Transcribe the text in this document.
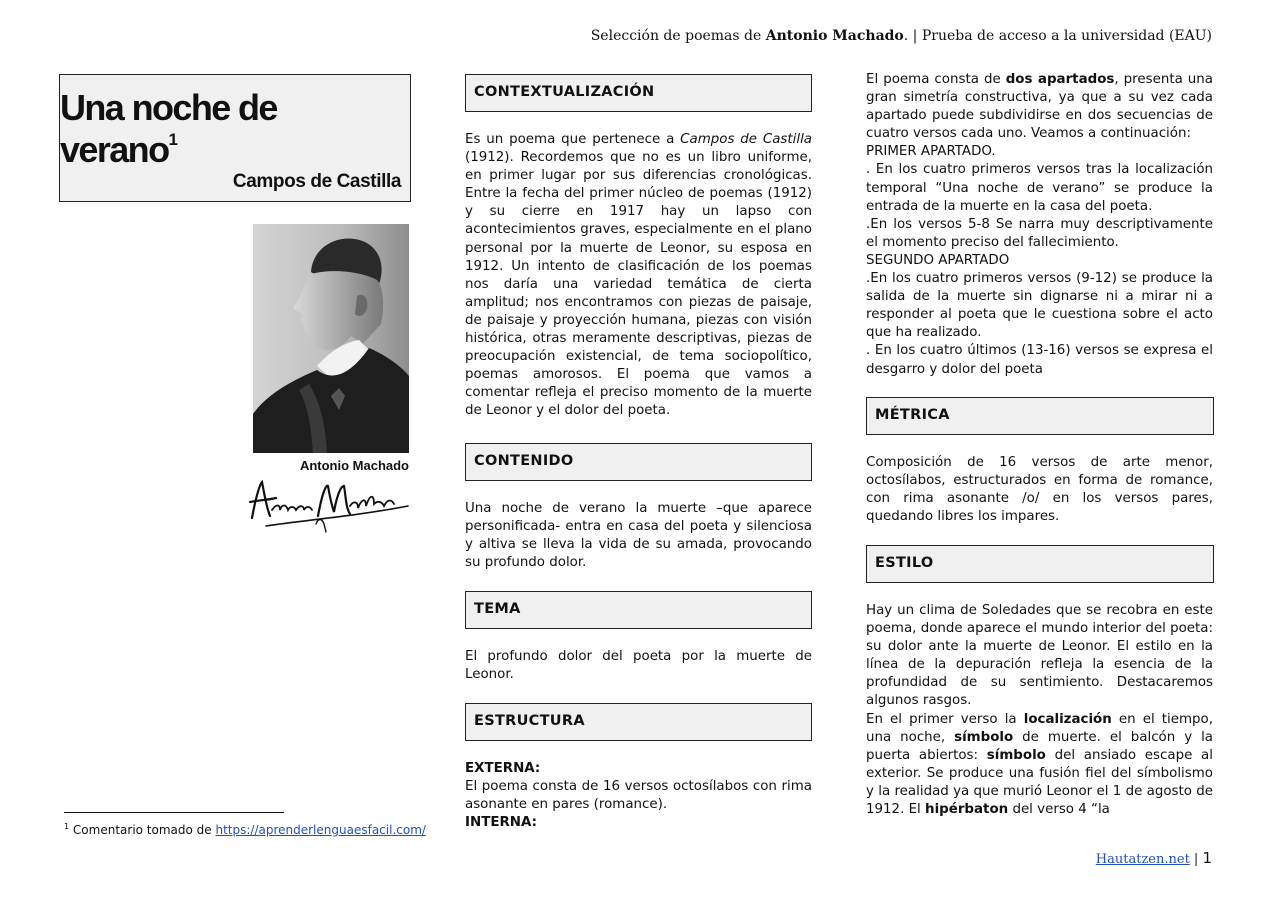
Selección de poemas de Antonio Machado. | Prueba de acceso a la universidad (EAU)
Una noche de verano$^1$
Campos de Castilla
Antonio Machado
$^1$ Comentario tomado de https://aprenderlenguaesfacil.com/
CONTEXTUALIZACIÓN

Es un poema que pertenece a Campos de Castilla (1912). Recordemos que no es un libro uniforme, en primer lugar por sus diferencias cronológicas. Entre la fecha del primer núcleo de poemas (1912) y su cierre en 1917 hay un lapso con acontecimientos graves, especialmente en el plano personal por la muerte de Leonor, su esposa en 1912. Un intento de clasificación de los poemas nos daría una variedad temática de cierta amplitud; nos encontramos con piezas de paisaje, de paisaje y proyección humana, piezas con visión histórica, otras meramente descriptivas, piezas de preocupación existencial, de tema sociopolítico, poemas amorosos. El poema que vamos a comentar refleja el preciso momento de la muerte de Leonor y el dolor del poeta.

CONTENIDO

Una noche de verano la muerte –que aparece personificada- entra en casa del poeta y silenciosa y altiva se lleva la vida de su amada, provocando su profundo dolor.

TEMA

El profundo dolor del poeta por la muerte de Leonor.

ESTRUCTURA

EXTERNA:
El poema consta de 16 versos octosílabos con rima asonante en pares (romance).
INTERNA:

El poema consta de dos apartados, presenta una gran simetría constructiva, ya que a su vez cada apartado puede subdividirse en dos secuencias de cuatro versos cada uno. Veamos a continuación:
PRIMER APARTADO.
. En los cuatro primeros versos tras la localización temporal “Una noche de verano” se produce la entrada de la muerte en la casa del poeta.
.En los versos 5-8 Se narra muy descriptivamente el momento preciso del fallecimiento.
SEGUNDO APARTADO
.En los cuatro primeros versos (9-12) se produce la salida de la muerte sin dignarse ni a mirar ni a responder al poeta que le cuestiona sobre el acto que ha realizado.
. En los cuatro últimos (13-16) versos se expresa el desgarro y dolor del poeta

MÉTRICA

Composición de 16 versos de arte menor, octosílabos, estructurados en forma de romance, con rima asonante /o/ en los versos pares, quedando libres los impares.

ESTILO

Hay un clima de Soledades que se recobra en este poema, donde aparece el mundo interior del poeta: su dolor ante la muerte de Leonor. El estilo en la línea de la depuración refleja la esencia de la profundidad de su sentimiento. Destacaremos algunos rasgos.
En el primer verso la localización en el tiempo, una noche, símbolo de muerte. el balcón y la puerta abiertos: símbolo del ansiado escape al exterior. Se produce una fusión fiel del símbolismo y la realidad ya que murió Leonor el 1 de agosto de 1912. El hipérbaton del verso 4 “la

Hautatzen.net | 1
